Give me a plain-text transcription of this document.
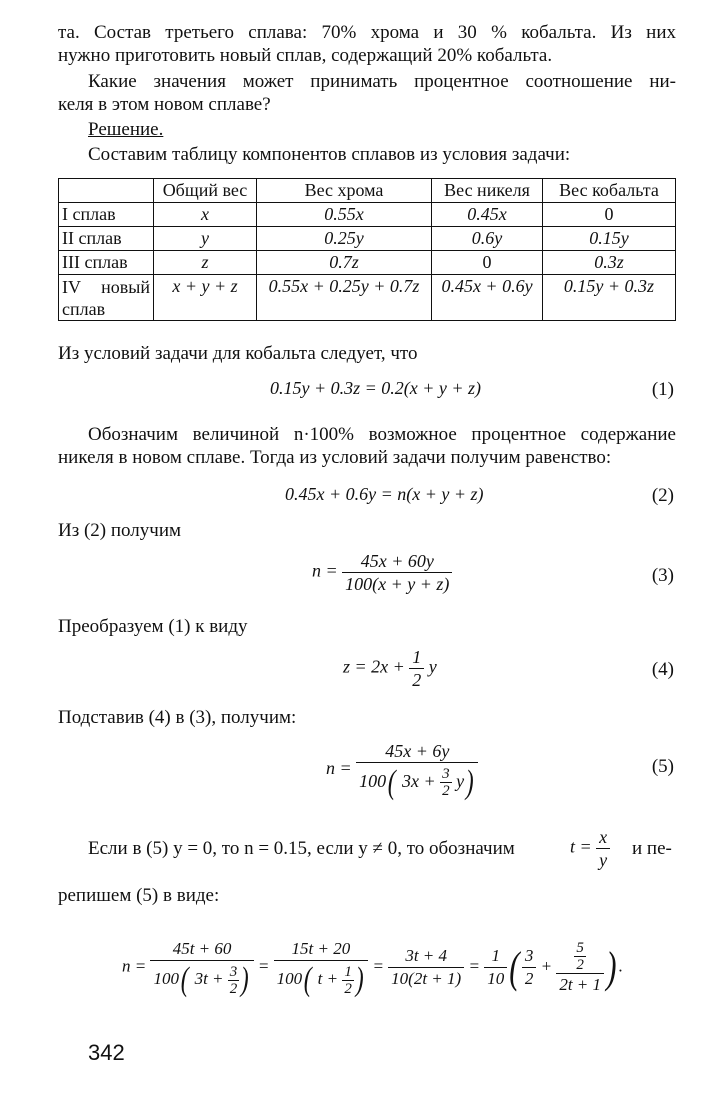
та. Состав третьего сплава: 70% хрома и 30 % кобальта. Из них
нужно приготовить новый сплав, содержащий 20% кобальта.
Какие значения может принимать процентное соотношение ни-
келя в этом новом сплаве?
Решение.
Составим таблицу компонентов сплавов из условия задачи:
	Общий вес	Вес хрома	Вес никеля	Вес кобальта
I сплав	x	0.55x	0.45x	0
II сплав	y	0.25y	0.6y	0.15y
III сплав	z	0.7z	0	0.3z
IV новый сплав	x + y + z	0.55x + 0.25y + 0.7z	0.45x + 0.6y	0.15y + 0.3z
Из условий задачи для кобальта следует, что
0.15y + 0.3z = 0.2(x + y + z)	(1)
Обозначим величиной n·100% возможное процентное содержание
никеля в новом сплаве. Тогда из условий задачи получим равенство:
0.45x + 0.6y = n(x + y + z)	(2)
Из (2) получим
$n = \frac{45x + 60y}{100(x + y + z)}$	(3)
Преобразуем (1) к виду
$z = 2x + \frac{1}{2}$ y	(4)
Подставив (4) в (3), получим:
n =
45x + 6y
100( $3x + \frac{3}{2} y$)	(5)
Если в (5) y = 0, то n = 0.15, если y ≠ 0, то обозначим	$t = \frac{x}{y}$ и пе-
репишем (5) в виде:
$n = \frac{45t + 60}{100( 3t + \frac{3}{2} )} = \frac{15t + 20}{100( t + \frac{1}{2} )} = \frac{3t + 4}{10(2t + 1)} = \frac{1}{10}$ ( $\frac{3}{2} + \frac{\frac{5}{2}}{2t + 1}$ ) .
342
